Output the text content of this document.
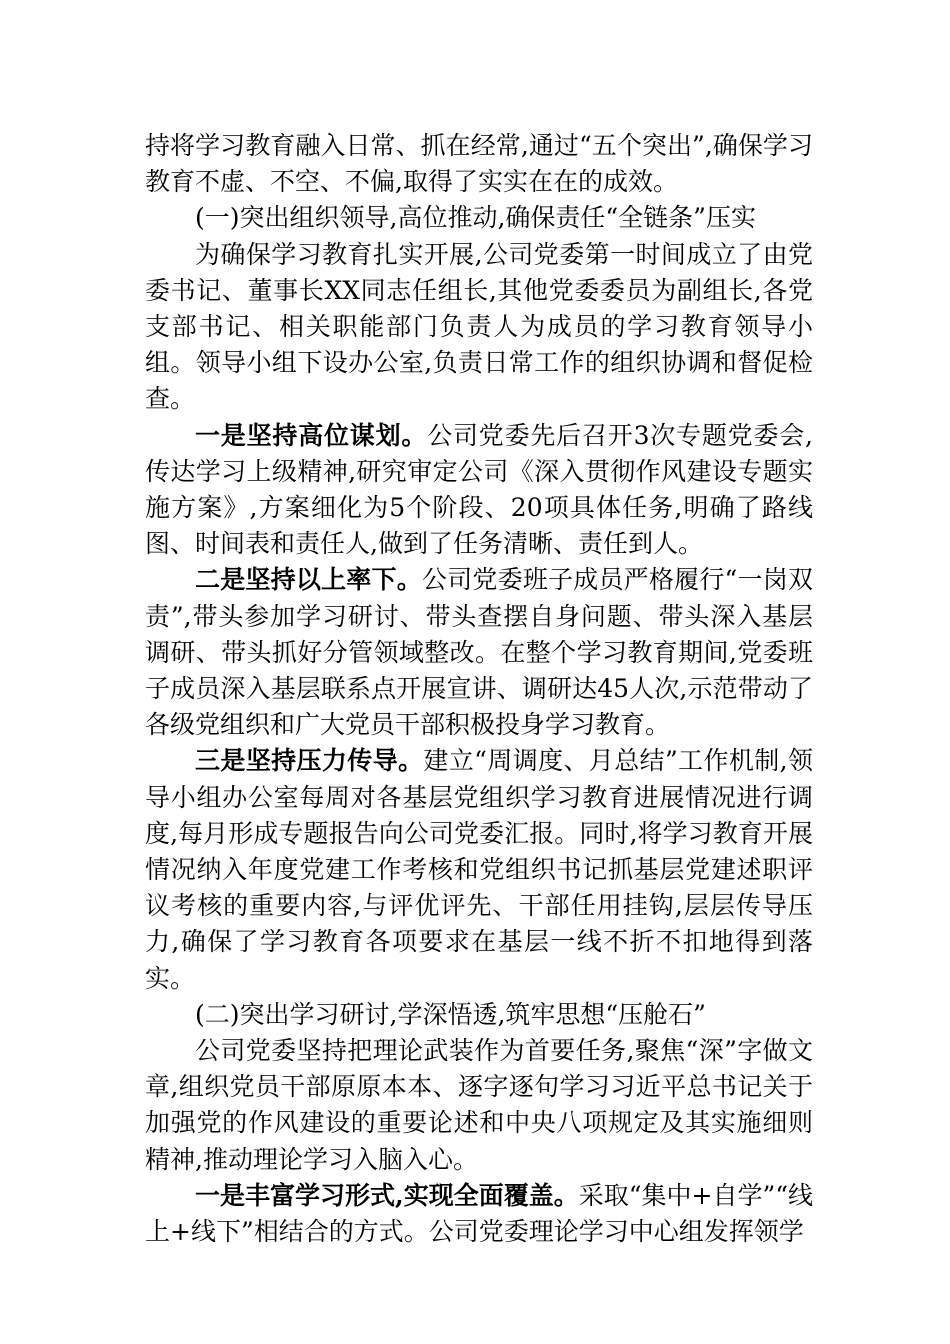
持将学习教育融入日常、抓在经常,通过“五个突出”,确保学习教育不虚、不空、不偏,取得了实实在在的成效。

(一)突出组织领导,高位推动,确保责任“全链条”压实

为确保学习教育扎实开展,公司党委第一时间成立了由党委书记、董事长XX同志任组长,其他党委委员为副组长,各党支部书记、相关职能部门负责人为成员的学习教育领导小组。领导小组下设办公室,负责日常工作的组织协调和督促检查。

一是坚持高位谋划。公司党委先后召开3次专题党委会,传达学习上级精神,研究审定公司《深入贯彻作风建设专题实施方案》,方案细化为5个阶段、20项具体任务,明确了路线图、时间表和责任人,做到了任务清晰、责任到人。

二是坚持以上率下。公司党委班子成员严格履行“一岗双责”,带头参加学习研讨、带头查摆自身问题、带头深入基层调研、带头抓好分管领域整改。在整个学习教育期间,党委班子成员深入基层联系点开展宣讲、调研达45人次,示范带动了各级党组织和广大党员干部积极投身学习教育。

三是坚持压力传导。建立“周调度、月总结”工作机制,领导小组办公室每周对各基层党组织学习教育进展情况进行调度,每月形成专题报告向公司党委汇报。同时,将学习教育开展情况纳入年度党建工作考核和党组织书记抓基层党建述职评议考核的重要内容,与评优评先、干部任用挂钩,层层传导压力,确保了学习教育各项要求在基层一线不折不扣地得到落实。

(二)突出学习研讨,学深悟透,筑牢思想“压舱石”

公司党委坚持把理论武装作为首要任务,聚焦“深”字做文章,组织党员干部原原本本、逐字逐句学习习近平总书记关于加强党的作风建设的重要论述和中央八项规定及其实施细则精神,推动理论学习入脑入心。

一是丰富学习形式,实现全面覆盖。采取“集中+自学”“线上+线下”相结合的方式。公司党委理论学习中心组发挥领学
